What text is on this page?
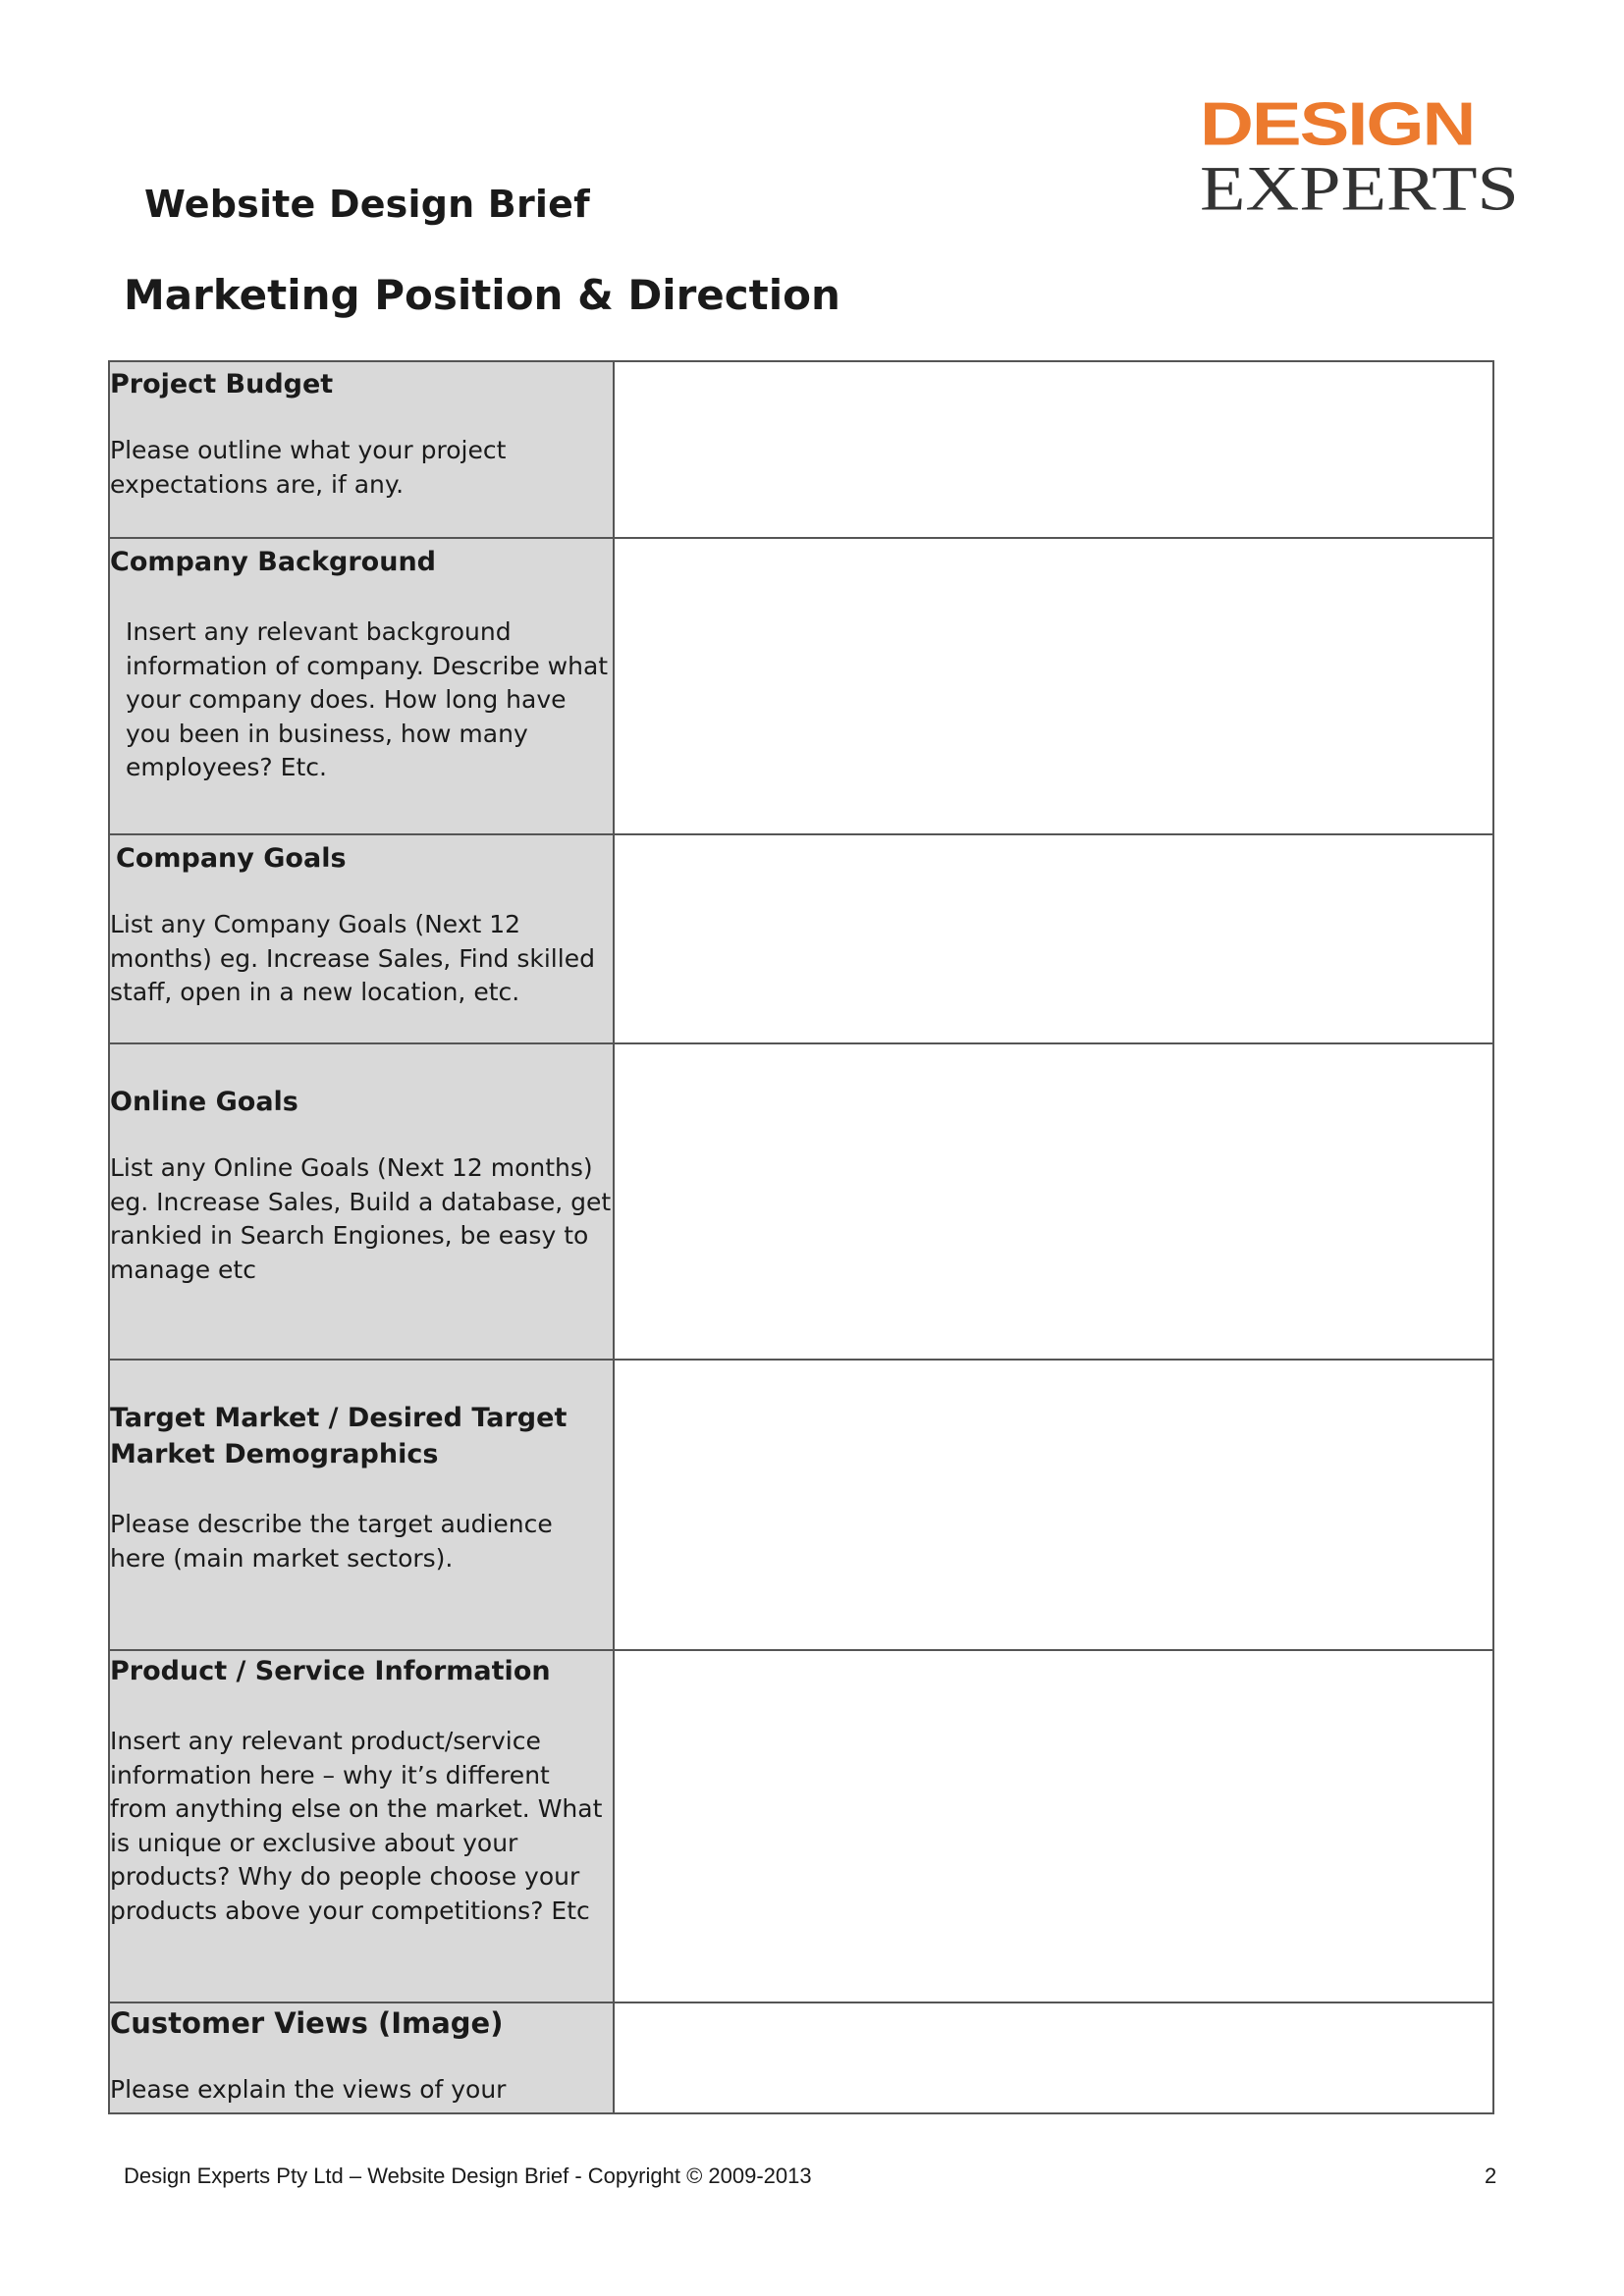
Website Design Brief
DESIGN
EXPERTS
Marketing Position & Direction

Project Budget

Please outline what your project expectations are, if any.	

Company Background

Insert any relevant background information of company. Describe what your company does. How long have you been in business, how many employees? Etc.	

Company Goals

List any Company Goals (Next 12 months) eg. Increase Sales, Find skilled staff, open in a new location, etc.	

Online Goals

List any Online Goals (Next 12 months) eg. Increase Sales, Build a database, get rankied in Search Engiones, be easy to manage etc	

Target Market / Desired Target Market Demographics

Please describe the target audience here (main market sectors).	

Product / Service Information

Insert any relevant product/service information here – why it’s different from anything else on the market. What is unique or exclusive about your products? Why do people choose your products above your competitions? Etc	

Customer Views (Image)

Please explain the views of your	

Design Experts Pty Ltd – Website Design Brief - Copyright © 2009-2013	2
